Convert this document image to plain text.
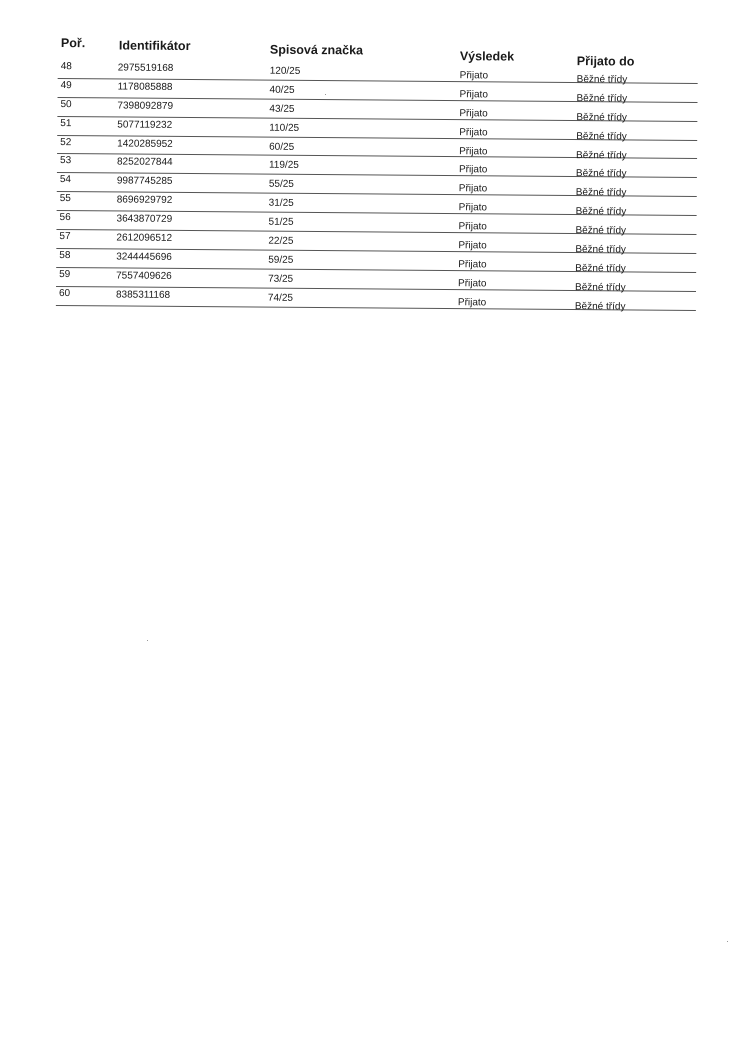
Poř.	Identifikátor	Spisová značka	Výsledek	Přijato do
48	2975519168	120/25	Přijato	Běžné třídy
49	1178085888	40/25	Přijato	Běžné třídy
50	7398092879	43/25	Přijato	Běžné třídy
51	5077119232	110/25	Přijato	Běžné třídy
52	1420285952	60/25	Přijato	Běžné třídy
53	8252027844	119/25	Přijato	Běžné třídy
54	9987745285	55/25	Přijato	Běžné třídy
55	8696929792	31/25	Přijato	Běžné třídy
56	3643870729	51/25	Přijato	Běžné třídy
57	2612096512	22/25	Přijato	Běžné třídy
58	3244445696	59/25	Přijato	Běžné třídy
59	7557409626	73/25	Přijato	Běžné třídy
60	8385311168	74/25	Přijato	Běžné třídy
